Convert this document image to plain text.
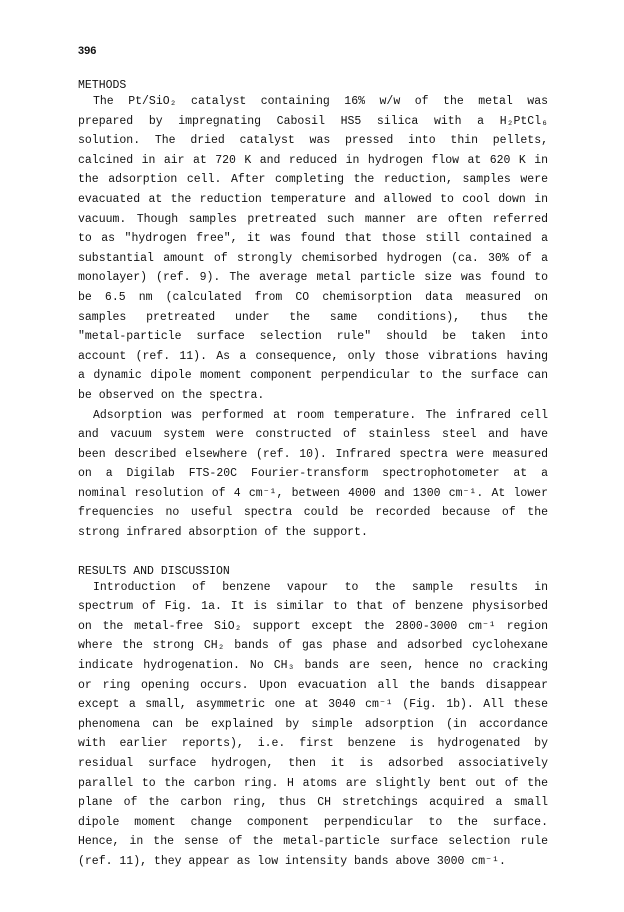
396
METHODS
The Pt/SiO₂ catalyst containing 16% w/w of the metal was
prepared by impregnating Cabosil HS5 silica with a H₂PtCl₆
solution. The dried catalyst was pressed into thin pellets,
calcined in air at 720 K and reduced in hydrogen flow at 620 K in
the adsorption cell. After completing the reduction, samples were
evacuated at the reduction temperature and allowed to cool down in
vacuum. Though samples pretreated such manner are often referred
to as "hydrogen free", it was found that those still contained a
substantial amount of strongly chemisorbed hydrogen (ca. 30% of a
monolayer) (ref. 9). The average metal particle size was found to
be 6.5 nm (calculated from CO chemisorption data measured on
samples pretreated under the same conditions), thus the
"metal-particle surface selection rule" should be taken into
account (ref. 11). As a consequence, only those vibrations having
a dynamic dipole moment component perpendicular to the surface can
be observed on the spectra.
Adsorption was performed at room temperature. The infrared cell
and vacuum system were constructed of stainless steel and have
been described elsewhere (ref. 10). Infrared spectra were measured
on a Digilab FTS-20C Fourier-transform spectrophotometer at a
nominal resolution of 4 cm⁻¹, between 4000 and 1300 cm⁻¹. At lower
frequencies no useful spectra could be recorded because of the
strong infrared absorption of the support.
RESULTS AND DISCUSSION
Introduction of benzene vapour to the sample results in
spectrum of Fig. 1a. It is similar to that of benzene physisorbed
on the metal-free SiO₂ support except the 2800-3000 cm⁻¹ region
where the strong CH₂ bands of gas phase and adsorbed cyclohexane
indicate hydrogenation. No CH₃ bands are seen, hence no cracking
or ring opening occurs. Upon evacuation all the bands disappear
except a small, asymmetric one at 3040 cm⁻¹ (Fig. 1b). All these
phenomena can be explained by simple adsorption (in accordance
with earlier reports), i.e. first benzene is hydrogenated by
residual surface hydrogen, then it is adsorbed associatively
parallel to the carbon ring. H atoms are slightly bent out of the
plane of the carbon ring, thus CH stretchings acquired a small
dipole moment change component perpendicular to the surface.
Hence, in the sense of the metal-particle surface selection rule
(ref. 11), they appear as low intensity bands above 3000 cm⁻¹.
